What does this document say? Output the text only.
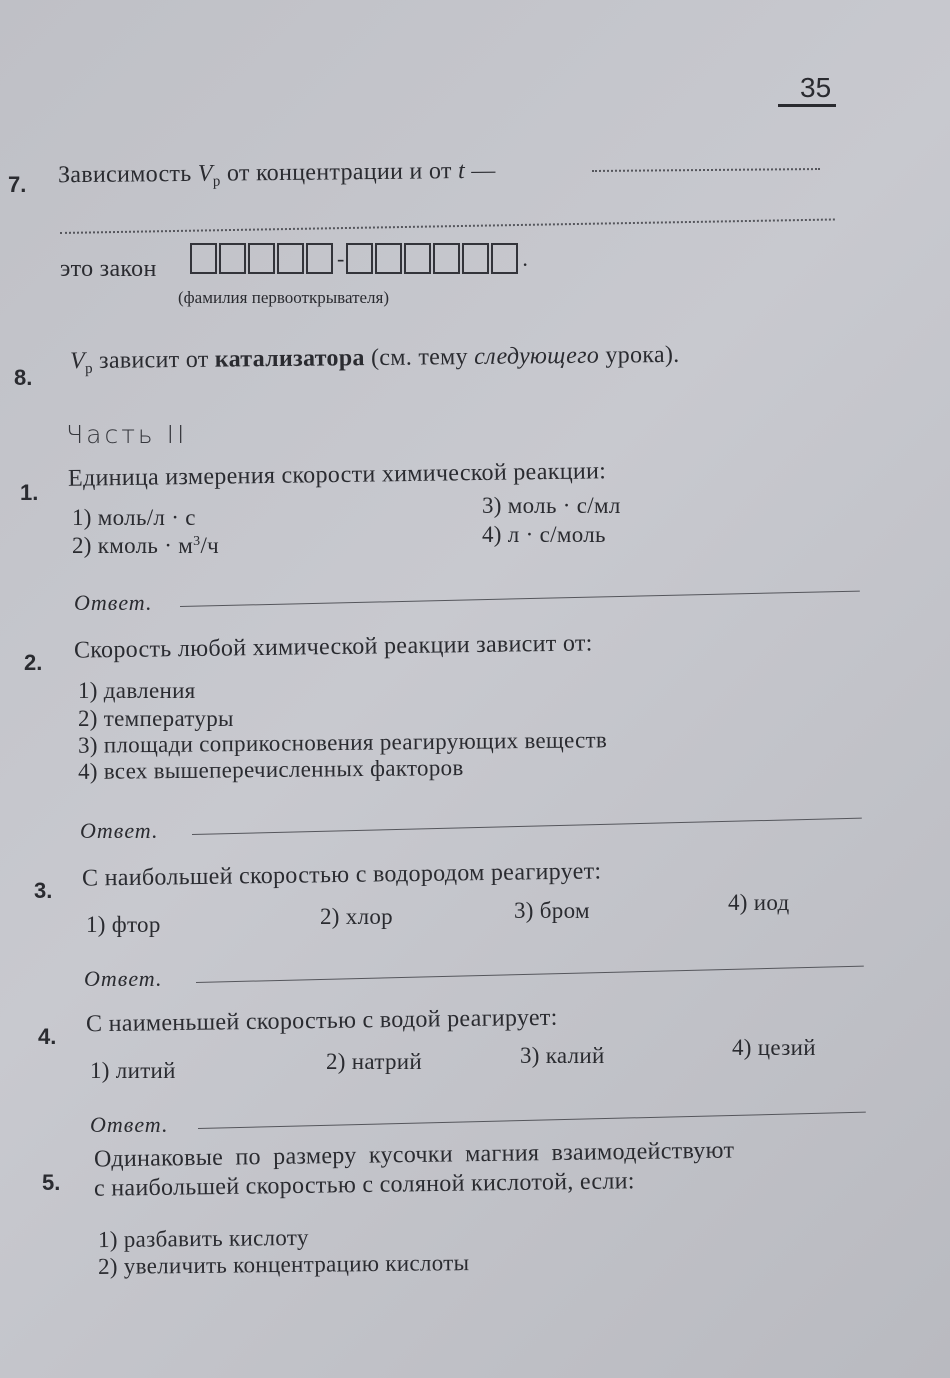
35
7. Зависимость $V_р$ от концентрации и от t —
это закон	-	.
(фамилия первооткрывателя)
8.
$V_р$ зависит от катализатора (см. тему следующего урока).
Часть II
1.
Единица измерения скорости химической реакции:
1) моль/л · с
2) кмоль · $м^3/ч$
3) моль · с/мл
4) л · с/моль
Ответ.
2. Скорость любой химической реакции зависит от:
1) давления
2) температуры
3) площади соприкосновения реагирующих веществ
4) всех вышеперечисленных факторов
Ответ.
3. С наибольшей скоростью с водородом реагирует:
1) фтор	2) хлор	3) бром	4) иод
Ответ.
4. С наименьшей скоростью с водой реагирует:
1) литий	2) натрий	3) калий	4) цезий
Ответ.
5.
Одинаковые по размеру кусочки магния взаимодействуют
с наибольшей скоростью с соляной кислотой, если:
1) разбавить кислоту
2) увеличить концентрацию кислоты
